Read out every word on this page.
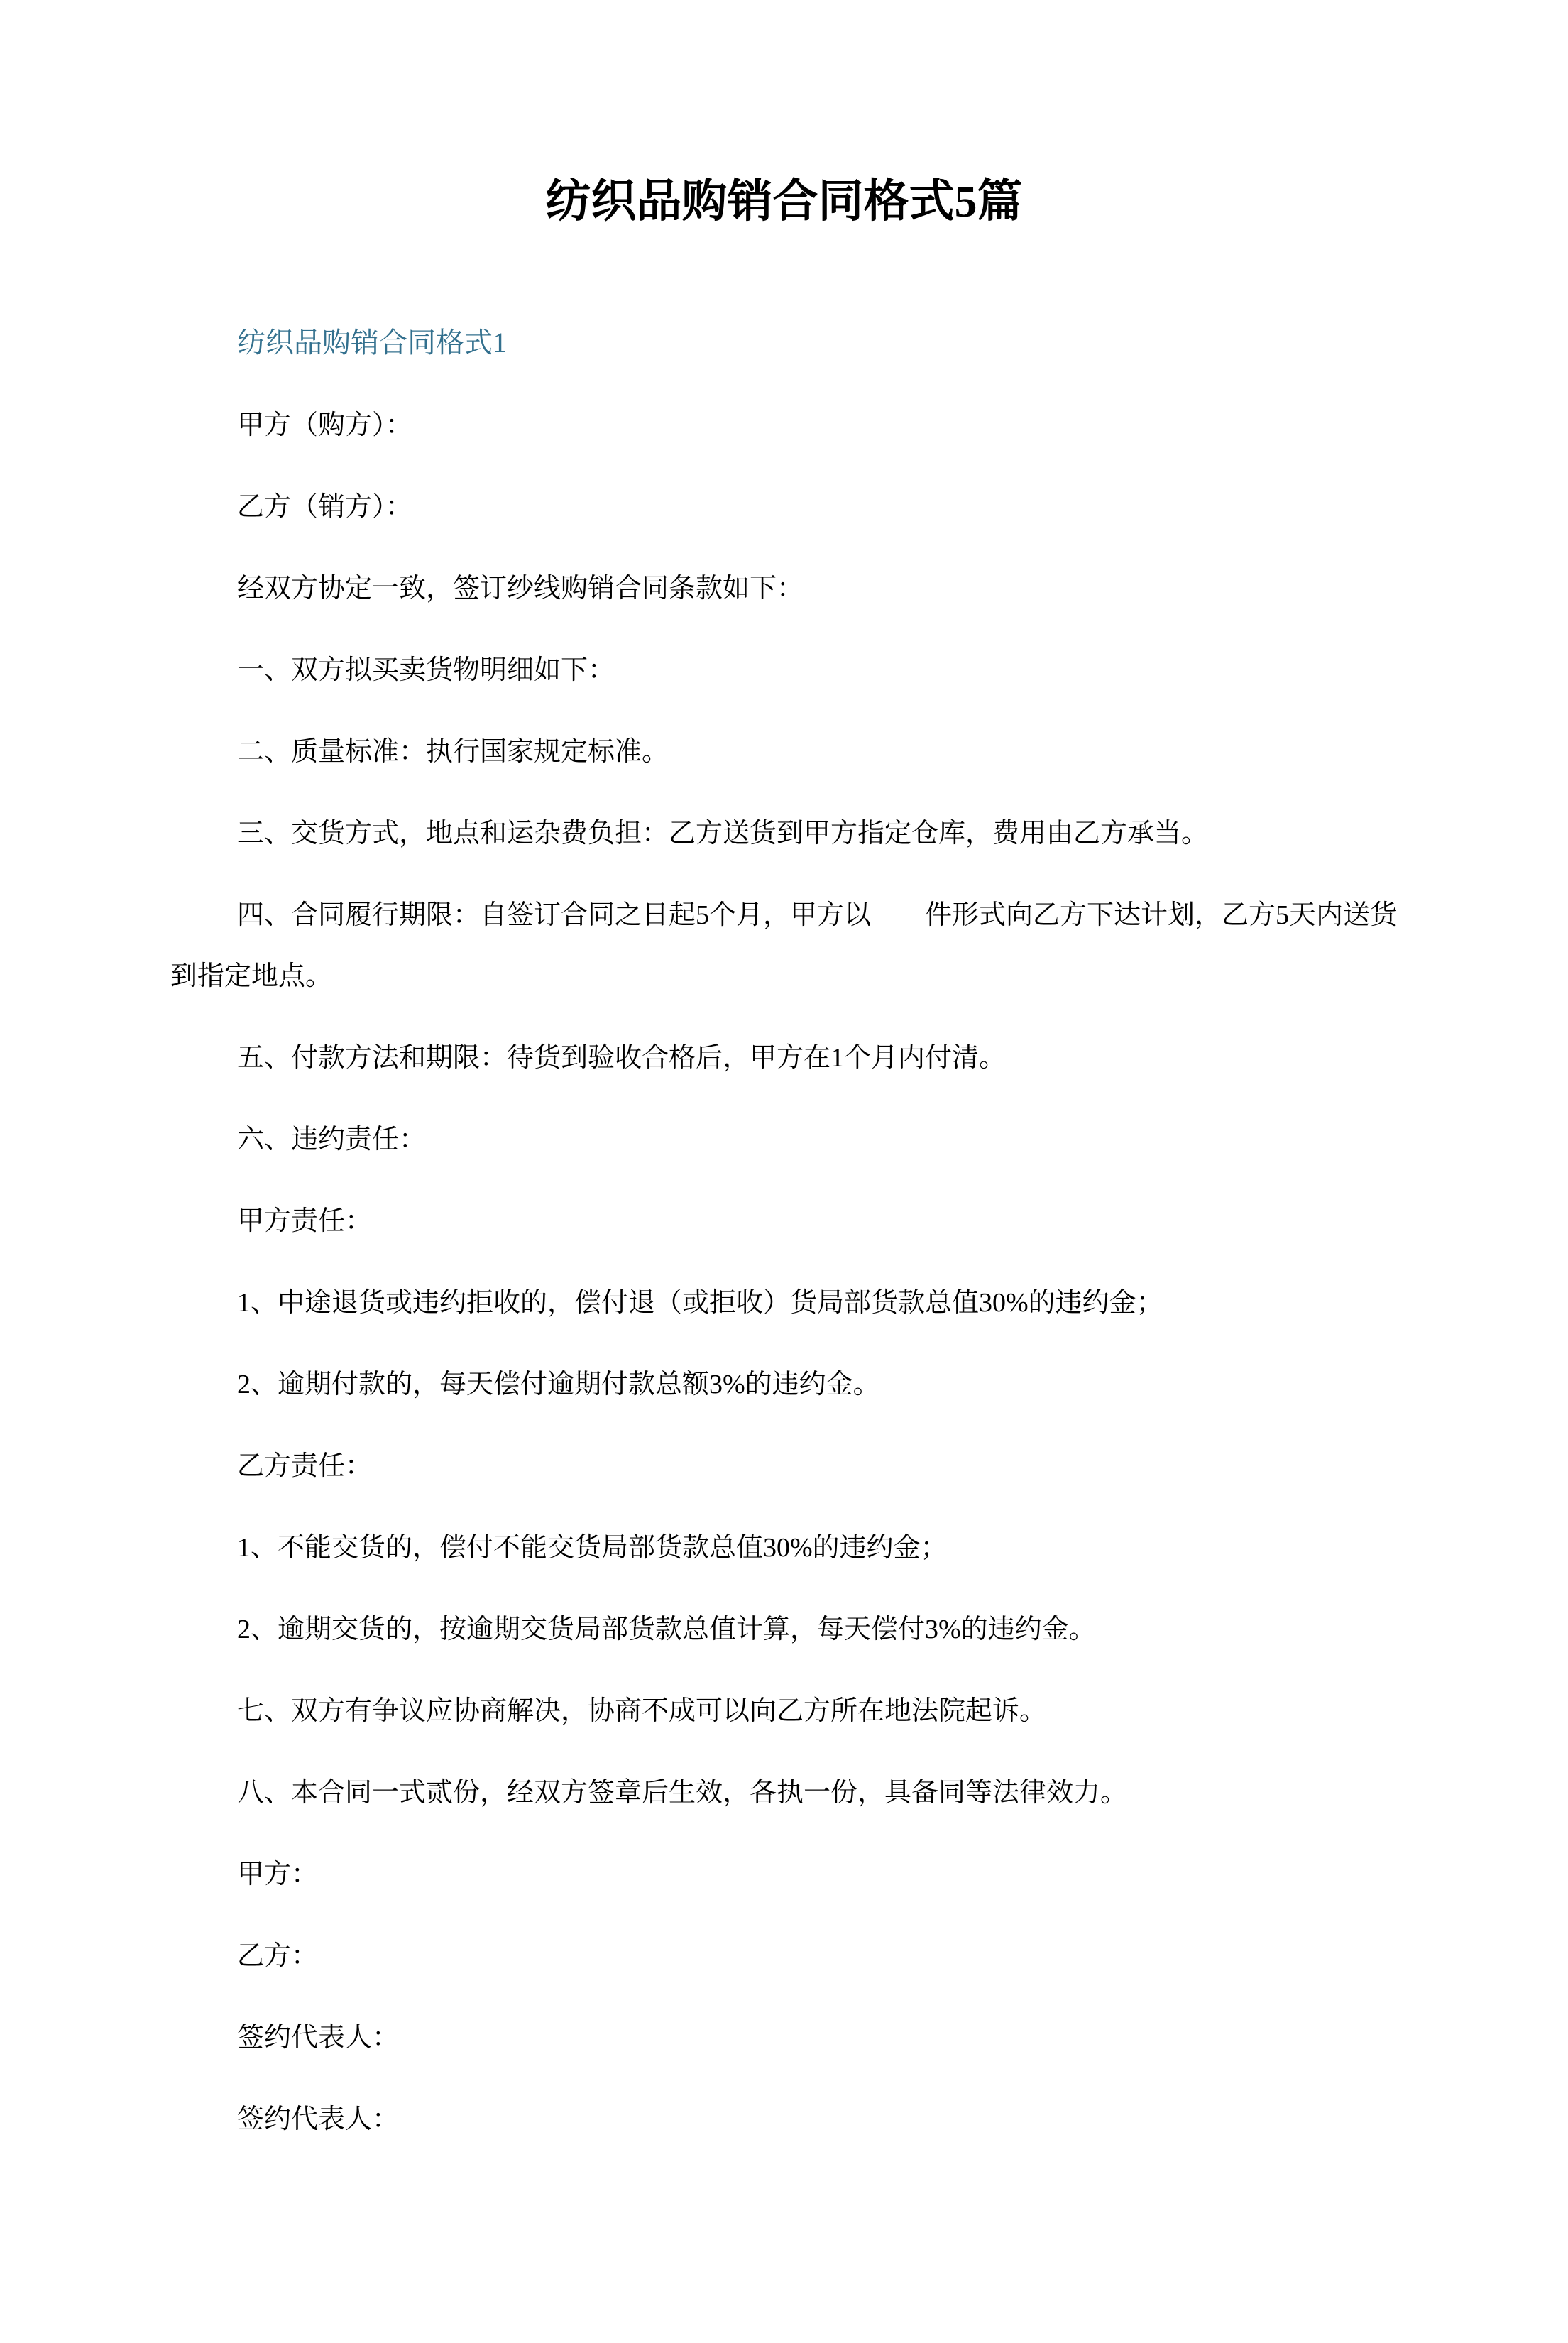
纺织品购销合同格式5篇
纺织品购销合同格式1

甲方（购方）：

乙方（销方）：

经双方协定一致，签订纱线购销合同条款如下：

一、双方拟买卖货物明细如下：

二、质量标准：执行国家规定标准。

三、交货方式，地点和运杂费负担：乙方送货到甲方指定仓库，费用由乙方承当。

四、合同履行期限：自签订合同之日起5个月，甲方以　　件形式向乙方下达计划，乙方5天内送货到指定地点。

五、付款方法和期限：待货到验收合格后，甲方在1个月内付清。

六、违约责任：

甲方责任：

1、中途退货或违约拒收的，偿付退（或拒收）货局部货款总值30%的违约金；

2、逾期付款的，每天偿付逾期付款总额3%的违约金。

乙方责任：

1、不能交货的，偿付不能交货局部货款总值30%的违约金；

2、逾期交货的，按逾期交货局部货款总值计算，每天偿付3%的违约金。

七、双方有争议应协商解决，协商不成可以向乙方所在地法院起诉。

八、本合同一式贰份，经双方签章后生效，各执一份，具备同等法律效力。

甲方：

乙方：

签约代表人：

签约代表人：
